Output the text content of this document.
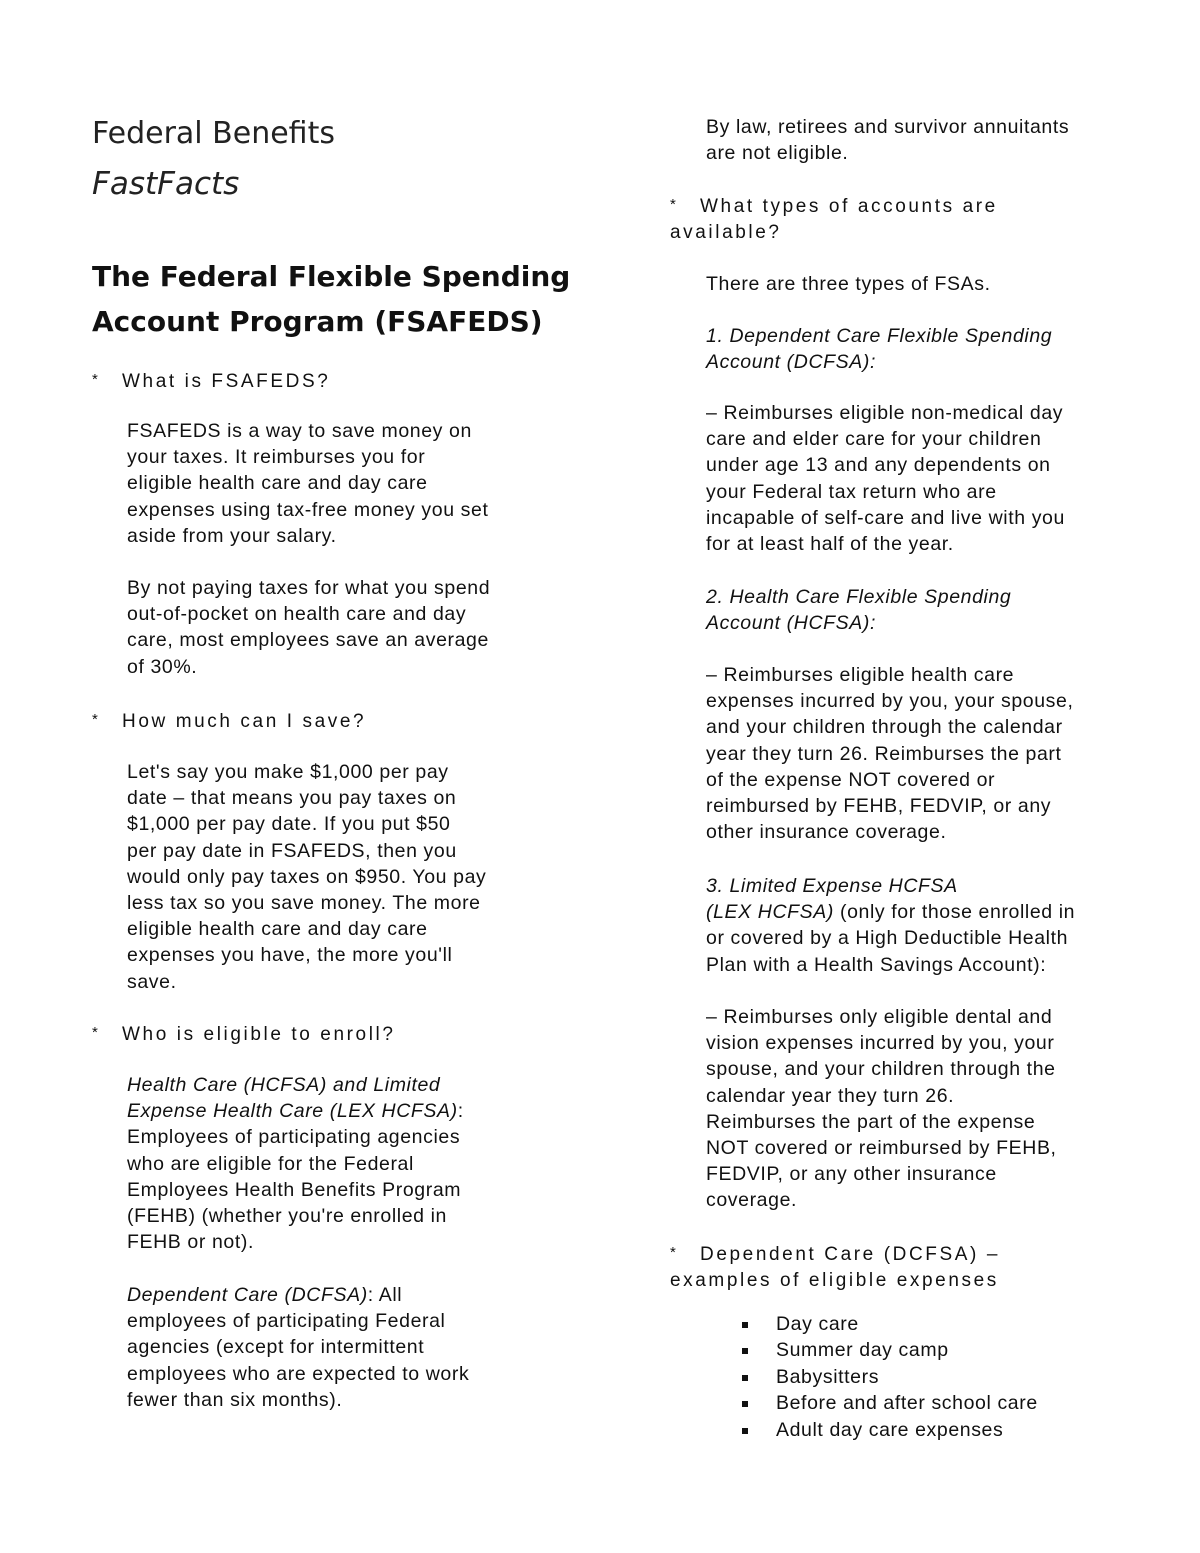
Federal Benefits
FastFacts
The Federal Flexible Spending
Account Program (FSAFEDS)
* What is FSAFEDS?
FSAFEDS is a way to save money on
your taxes. It reimburses you for
eligible health care and day care
expenses using tax-free money you set
aside from your salary.
By not paying taxes for what you spend
out-of-pocket on health care and day
care, most employees save an average
of 30%.
* How much can I save?
Let's say you make $1,000 per pay
date – that means you pay taxes on
$1,000 per pay date. If you put $50
per pay date in FSAFEDS, then you
would only pay taxes on $950. You pay
less tax so you save money. The more
eligible health care and day care
expenses you have, the more you'll
save.
* Who is eligible to enroll?
Health Care (HCFSA) and Limited
Expense Health Care (LEX HCFSA):
Employees of participating agencies
who are eligible for the Federal
Employees Health Benefits Program
(FEHB) (whether you're enrolled in
FEHB or not).
Dependent Care (DCFSA): All
employees of participating Federal
agencies (except for intermittent
employees who are expected to work
fewer than six months).
By law, retirees and survivor annuitants
are not eligible.
* What types of accounts are
available?
There are three types of FSAs.
1. Dependent Care Flexible Spending
Account (DCFSA):
– Reimburses eligible non-medical day
care and elder care for your children
under age 13 and any dependents on
your Federal tax return who are
incapable of self-care and live with you
for at least half of the year.
2. Health Care Flexible Spending
Account (HCFSA):
– Reimburses eligible health care
expenses incurred by you, your spouse,
and your children through the calendar
year they turn 26. Reimburses the part
of the expense NOT covered or
reimbursed by FEHB, FEDVIP, or any
other insurance coverage.
3. Limited Expense HCFSA
(LEX HCFSA) (only for those enrolled in
or covered by a High Deductible Health
Plan with a Health Savings Account):
– Reimburses only eligible dental and
vision expenses incurred by you, your
spouse, and your children through the
calendar year they turn 26.
Reimburses the part of the expense
NOT covered or reimbursed by FEHB,
FEDVIP, or any other insurance
coverage.
* Dependent Care (DCFSA) –
examples of eligible expenses
Day care
Summer day camp
Babysitters
Before and after school care
Adult day care expenses
